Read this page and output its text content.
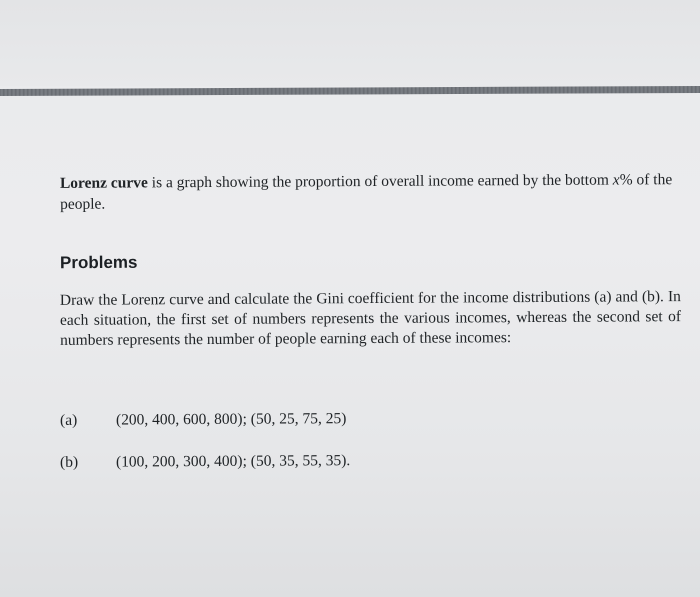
Lorenz curve is a graph showing the proportion of overall income earned by the bottom x% of the people.
Problems
Draw the Lorenz curve and calculate the Gini coefficient for the income distributions (a) and (b). In each situation, the first set of numbers represents the various incomes, whereas the second set of numbers represents the number of people earning each of these incomes:
(a) (200, 400, 600, 800); (50, 25, 75, 25)
(b) (100, 200, 300, 400); (50, 35, 55, 35).
